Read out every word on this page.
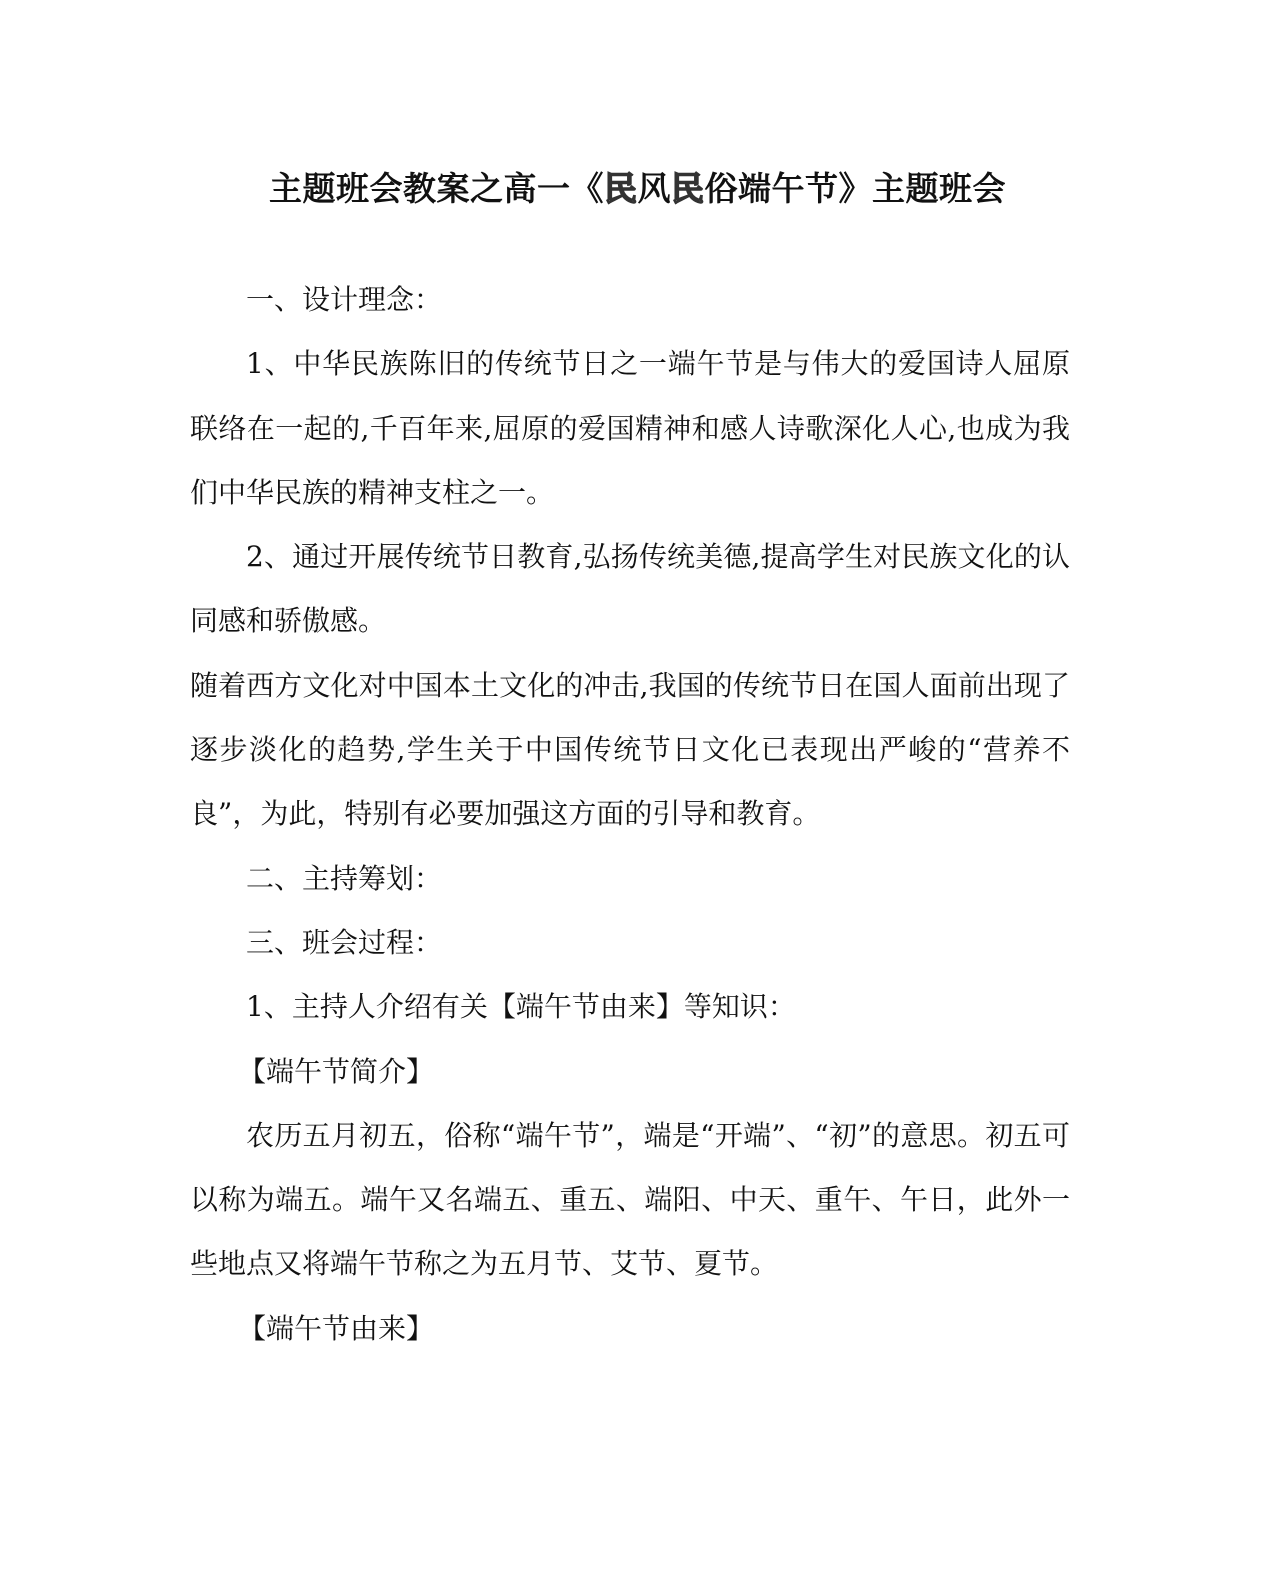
主题班会教案之高一《民风民俗端午节》主题班会

一、设计理念：

1、中华民族陈旧的传统节日之一端午节是与伟大的爱国诗人屈原联络在一起的,千百年来,屈原的爱国精神和感人诗歌深化人心,也成为我们中华民族的精神支柱之一。

2、通过开展传统节日教育,弘扬传统美德,提高学生对民族文化的认同感和骄傲感。

随着西方文化对中国本土文化的冲击,我国的传统节日在国人面前出现了逐步淡化的趋势,学生关于中国传统节日文化已表现出严峻的“营养不良”，为此，特别有必要加强这方面的引导和教育。

二、主持筹划：

三、班会过程：

1、主持人介绍有关【端午节由来】等知识：

【端午节简介】

农历五月初五，俗称“端午节”，端是“开端”、“初”的意思。初五可以称为端五。端午又名端五、重五、端阳、中天、重午、午日，此外一些地点又将端午节称之为五月节、艾节、夏节。

【端午节由来】
